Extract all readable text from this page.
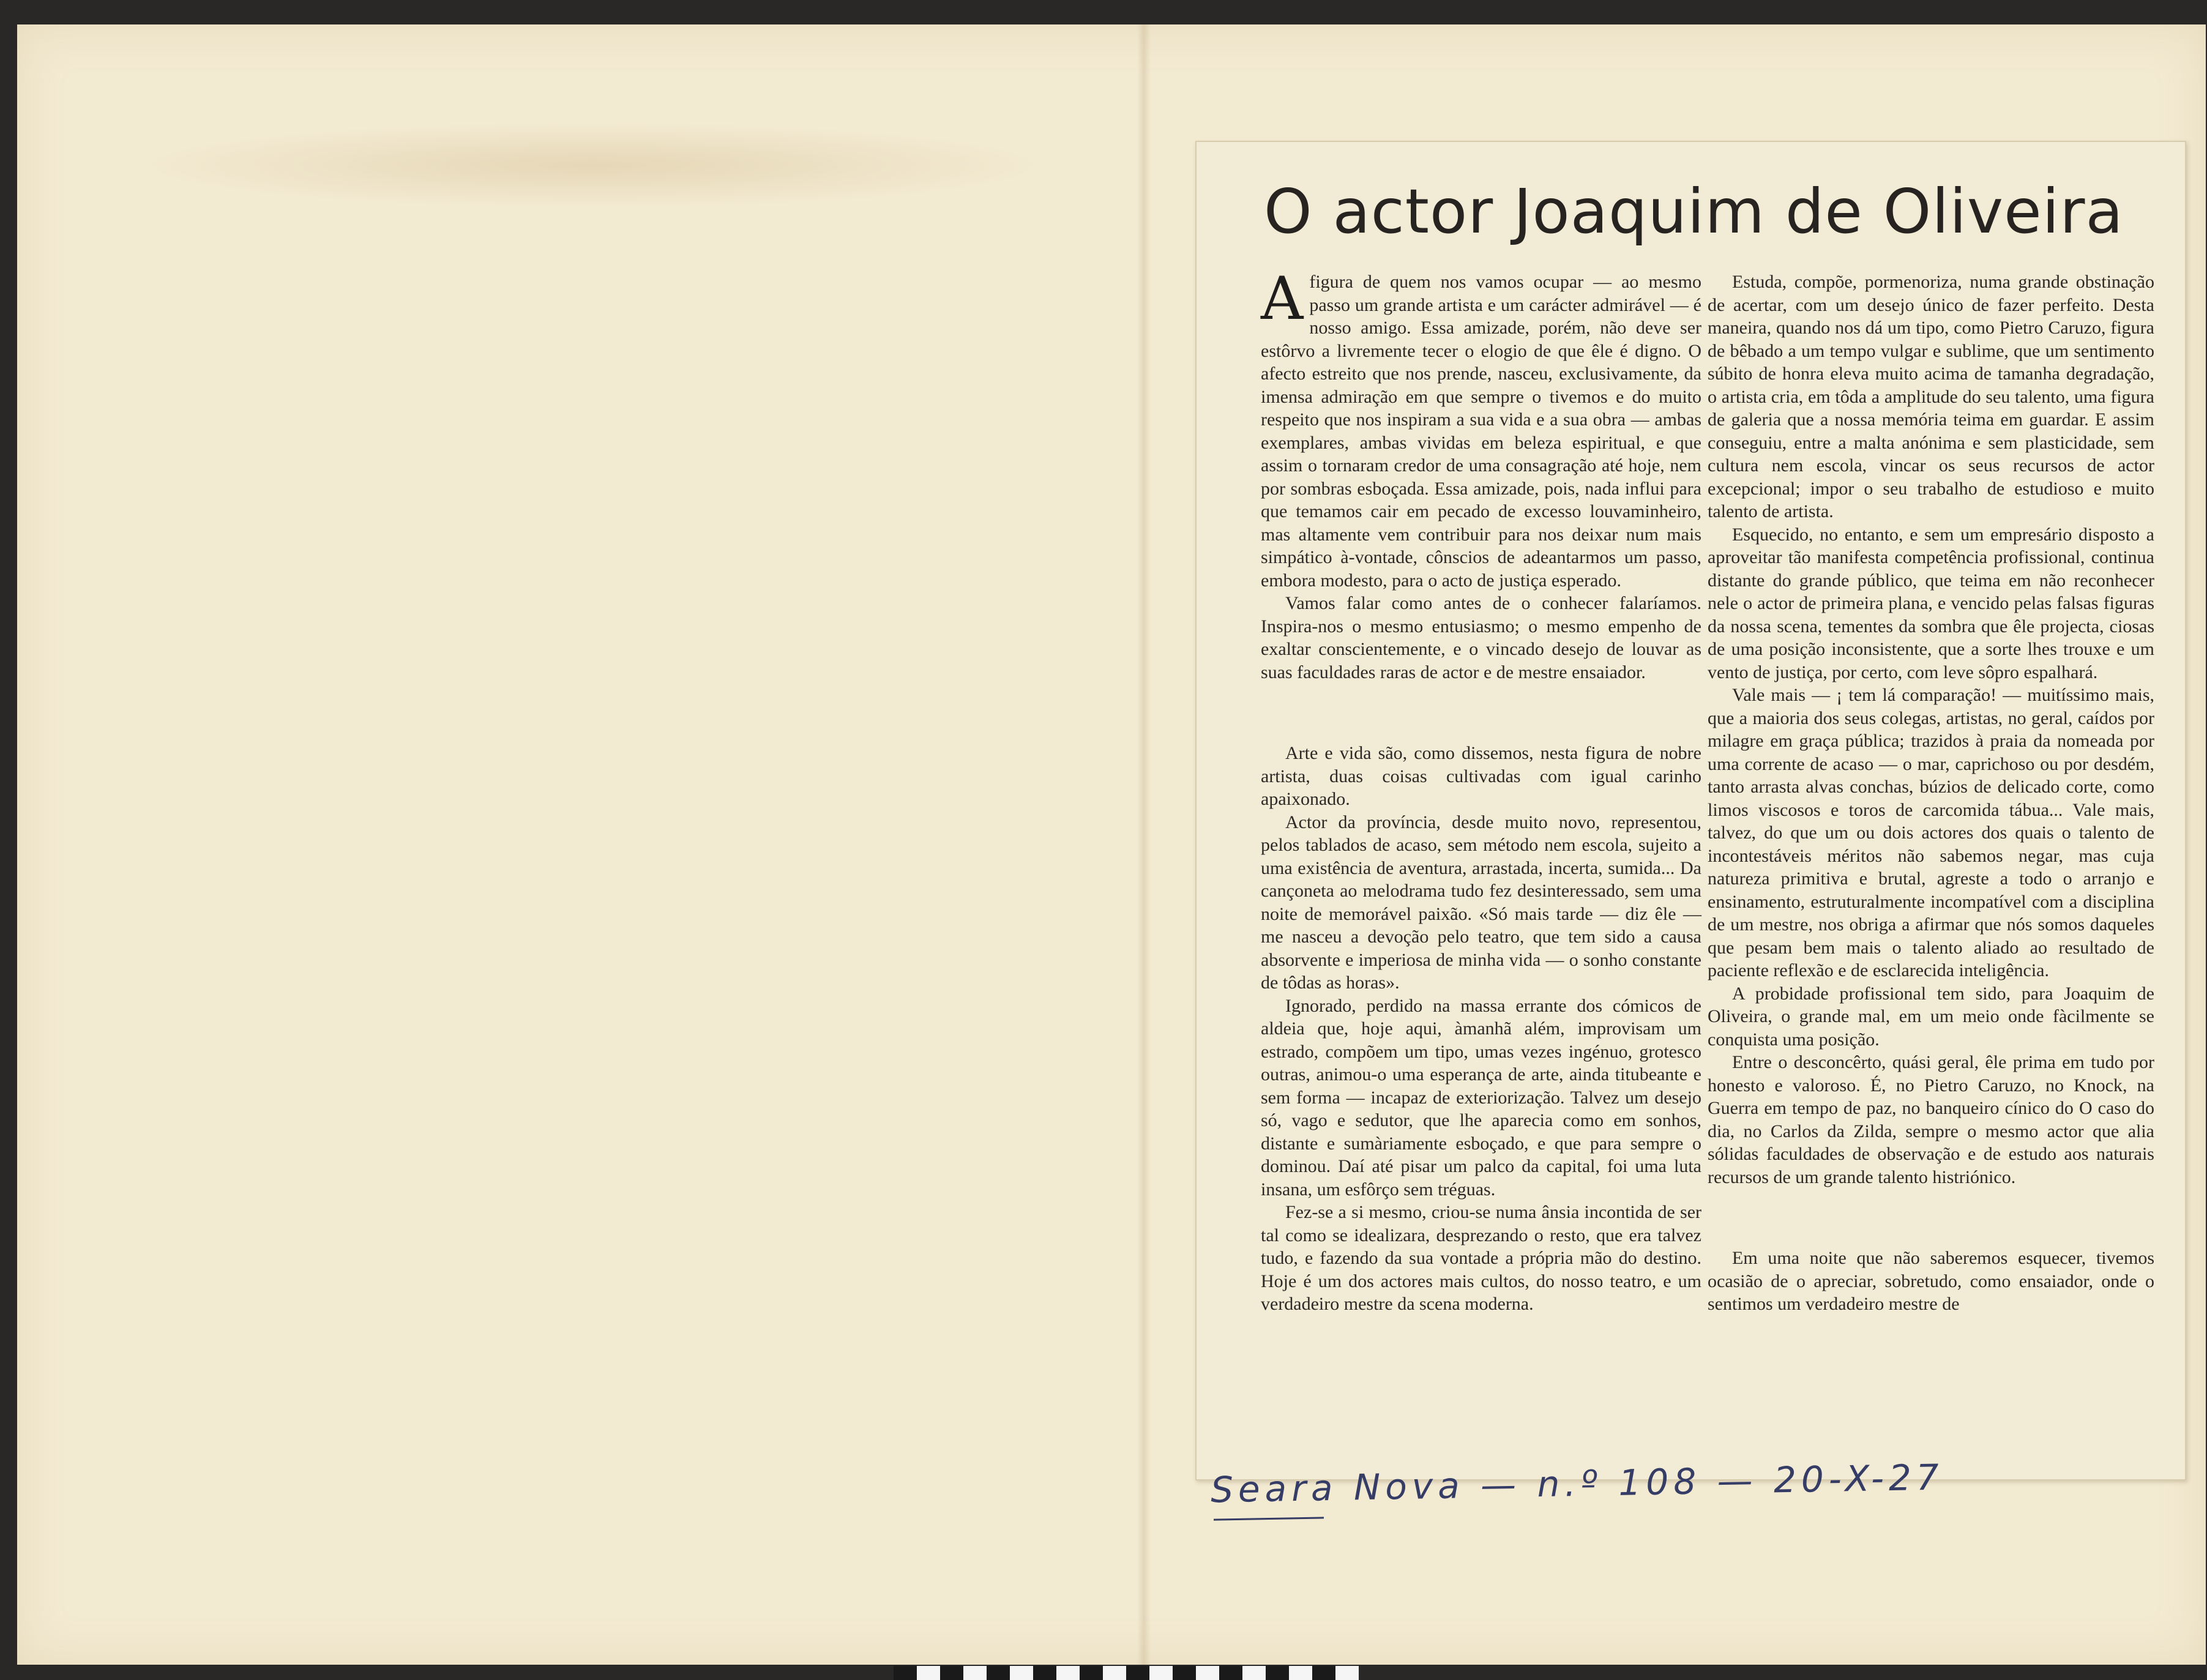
O actor Joaquim de Oliveira

Afigura de quem nos vamos ocupar — ao mesmo passo um grande artista e um carácter admirável — é nosso amigo. Essa amizade, porém, não deve ser estôrvo a livremente tecer o elogio de que êle é digno. O afecto estreito que nos prende, nasceu, exclusivamente, da imensa admiração em que sempre o tivemos e do muito respeito que nos inspiram a sua vida e a sua obra — ambas exemplares, ambas vividas em beleza espiritual, e que assim o tornaram credor de uma consagração até hoje, nem por sombras esboçada. Essa amizade, pois, nada influi para que temamos cair em pecado de excesso louvaminheiro, mas altamente vem contribuir para nos deixar num mais simpático à-vontade, cônscios de adeantarmos um passo, embora modesto, para o acto de justiça esperado.

Vamos falar como antes de o conhecer falaríamos. Inspira-nos o mesmo entusiasmo; o mesmo empenho de exaltar conscientemente, e o vincado desejo de louvar as suas faculdades raras de actor e de mestre ensaiador.

Arte e vida são, como dissemos, nesta figura de nobre artista, duas coisas cultivadas com igual carinho apaixonado.

Actor da província, desde muito novo, representou, pelos tablados de acaso, sem método nem escola, sujeito a uma existência de aventura, arrastada, incerta, sumida... Da cançoneta ao melodrama tudo fez desinteressado, sem uma noite de memorável paixão. «Só mais tarde — diz êle — me nasceu a devoção pelo teatro, que tem sido a causa absorvente e imperiosa de minha vida — o sonho constante de tôdas as horas».

Ignorado, perdido na massa errante dos cómicos de aldeia que, hoje aqui, àmanhã além, improvisam um estrado, compõem um tipo, umas vezes ingénuo, grotesco outras, animou-o uma esperança de arte, ainda titubeante e sem forma — incapaz de exteriorização. Talvez um desejo só, vago e sedutor, que lhe aparecia como em sonhos, distante e sumàriamente esboçado, e que para sempre o dominou. Daí até pisar um palco da capital, foi uma luta insana, um esfôrço sem tréguas.

Fez-se a si mesmo, criou-se numa ânsia incontida de ser tal como se idealizara, desprezando o resto, que era talvez tudo, e fazendo da sua vontade a própria mão do destino. Hoje é um dos actores mais cultos, do nosso teatro, e um verdadeiro mestre da scena moderna.

Estuda, compõe, pormenoriza, numa grande obstinação de acertar, com um desejo único de fazer perfeito. Desta maneira, quando nos dá um tipo, como Pietro Caruzo, figura de bêbado a um tempo vulgar e sublime, que um sentimento súbito de honra eleva muito acima de tamanha degradação, o artista cria, em tôda a amplitude do seu talento, uma figura de galeria que a nossa memória teima em guardar. E assim conseguiu, entre a malta anónima e sem plasticidade, sem cultura nem escola, vincar os seus recursos de actor excepcional; impor o seu trabalho de estudioso e muito talento de artista.

Esquecido, no entanto, e sem um empresário disposto a aproveitar tão manifesta competência profissional, continua distante do grande público, que teima em não reconhecer nele o actor de primeira plana, e vencido pelas falsas figuras da nossa scena, tementes da sombra que êle projecta, ciosas de uma posição inconsistente, que a sorte lhes trouxe e um vento de justiça, por certo, com leve sôpro espalhará.

Vale mais — ¡ tem lá comparação! — muitíssimo mais, que a maioria dos seus colegas, artistas, no geral, caídos por milagre em graça pública; trazidos à praia da nomeada por uma corrente de acaso — o mar, caprichoso ou por desdém, tanto arrasta alvas conchas, búzios de delicado corte, como limos viscosos e toros de carcomida tábua... Vale mais, talvez, do que um ou dois actores dos quais o talento de incontestáveis méritos não sabemos negar, mas cuja natureza primitiva e brutal, agreste a todo o arranjo e ensinamento, estruturalmente incompatível com a disciplina de um mestre, nos obriga a afirmar que nós somos daqueles que pesam bem mais o talento aliado ao resultado de paciente reflexão e de esclarecida inteligência.

A probidade profissional tem sido, para Joaquim de Oliveira, o grande mal, em um meio onde fàcilmente se conquista uma posição.

Entre o desconcêrto, quási geral, êle prima em tudo por honesto e valoroso. É, no Pietro Caruzo, no Knock, na Guerra em tempo de paz, no banqueiro cínico do O caso do dia, no Carlos da Zilda, sempre o mesmo actor que alia sólidas faculdades de observação e de estudo aos naturais recursos de um grande talento histriónico.

Em uma noite que não saberemos esquecer, tivemos ocasião de o apreciar, sobretudo, como ensaiador, onde o sentimos um verdadeiro mestre de

Seara Nova — n.º 108 — 20-X-27
